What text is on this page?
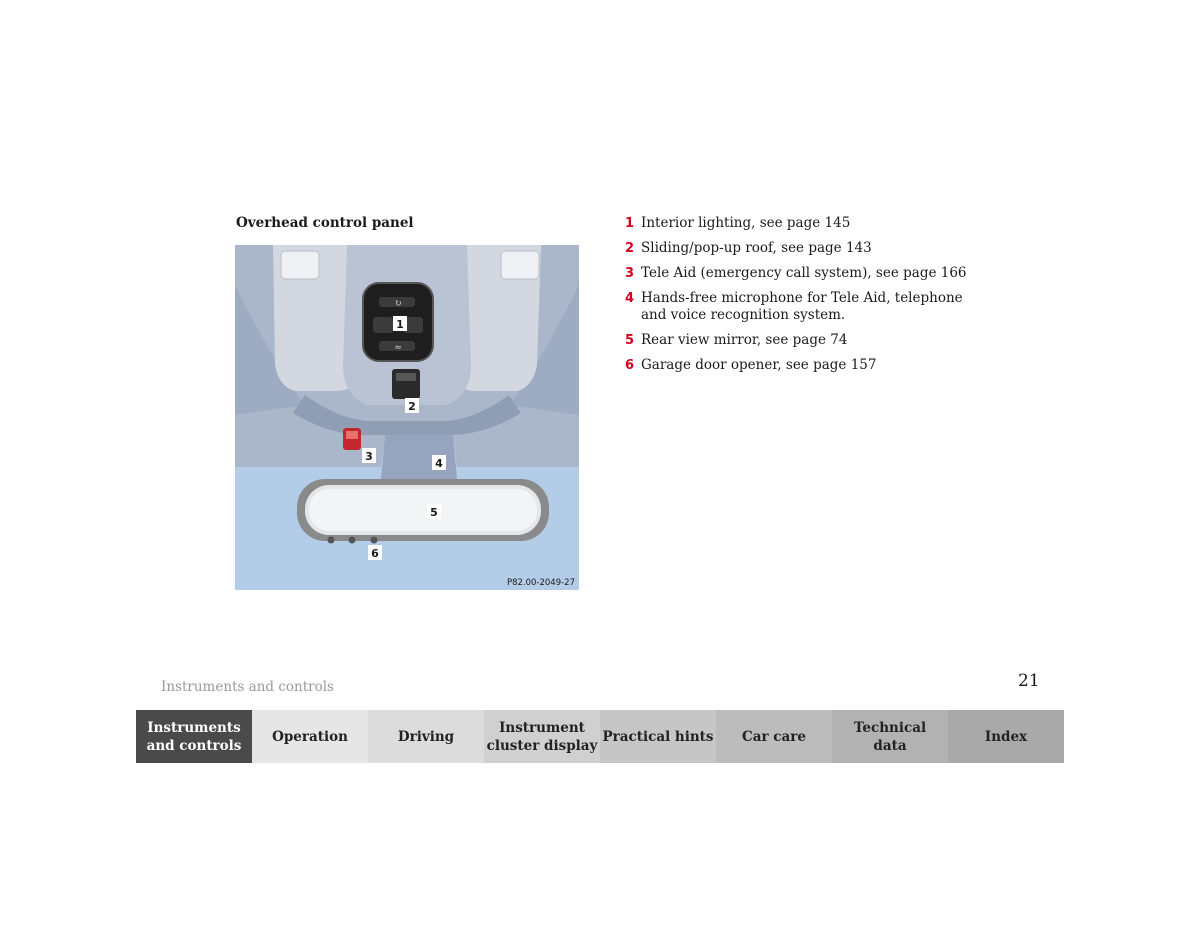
Overhead control panel
↻
≈
1
2
3
4
5
6
P82.00-2049-27
1 Interior lighting, see page 145
2 Sliding/pop-up roof, see page 143
3 Tele Aid (emergency call system), see page 166
4 Hands-free microphone for Tele Aid, telephone and voice recognition system.
5 Rear view mirror, see page 74
6 Garage door opener, see page 157
Instruments and controls	21
Instruments
and controls
Operation	Driving
Instrument
cluster display
Practical hints Car care
Technical
data
Index
